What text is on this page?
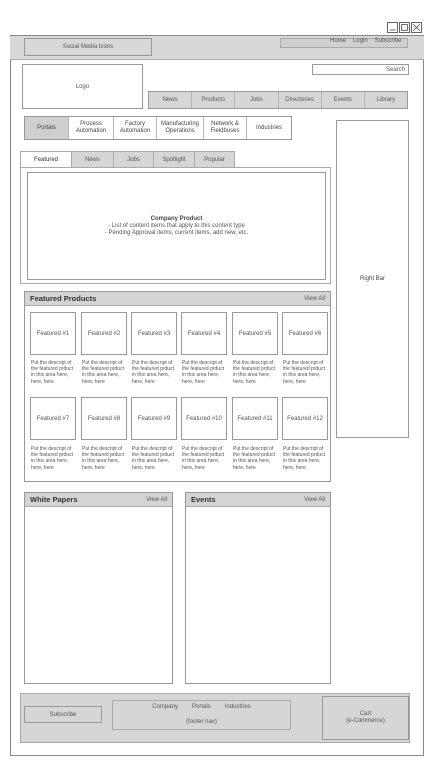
Social Media Icons
Home Login Subscribe
Logo
Search
News	Products	Jobs	Directories	Events	Library
Portals
Process Automation
Factory Automation
Manufacturing Operations
Network & Fieldbuses
Industries
Right Bar
Featured	News	Jobs	Spotlight	Popular
Company Product
- List of content items that apply to this content type
- Pending Approval items, current items, add new, etc.
Featured Products	View All
Featured #1	Featured #2	Featured #3	Featured #4	Featured #5	Featured #6
Put the descript of the featured prduct in this area here, here, here
Put the descript of the featured prduct in this area here, here, here
Put the descript of the featured prduct in this area here, here, here
Put the descript of the featured prduct in this area here, here, here
Put the descript of the featured prduct in this area here, here, here
Put the descript of the featured prduct in this area here, here, here
Featured #7	Featured #8	Featured #9	Featured #10	Featured #11	Featured #12
Put the descript of the featured prduct in this area here, here, here
Put the descript of the featured prduct in this area here, here, here
Put the descript of the featured prduct in this area here, here, here
Put the descript of the featured prduct in this area here, here, here
Put the descript of the featured prduct in this area here, here, here
Put the descript of the featured prduct in this area here, here, here
White Papers	View All	Events	View All
Subscribe
Company Portals Industries
(footer nav)
Cart
(e-Commerce)
